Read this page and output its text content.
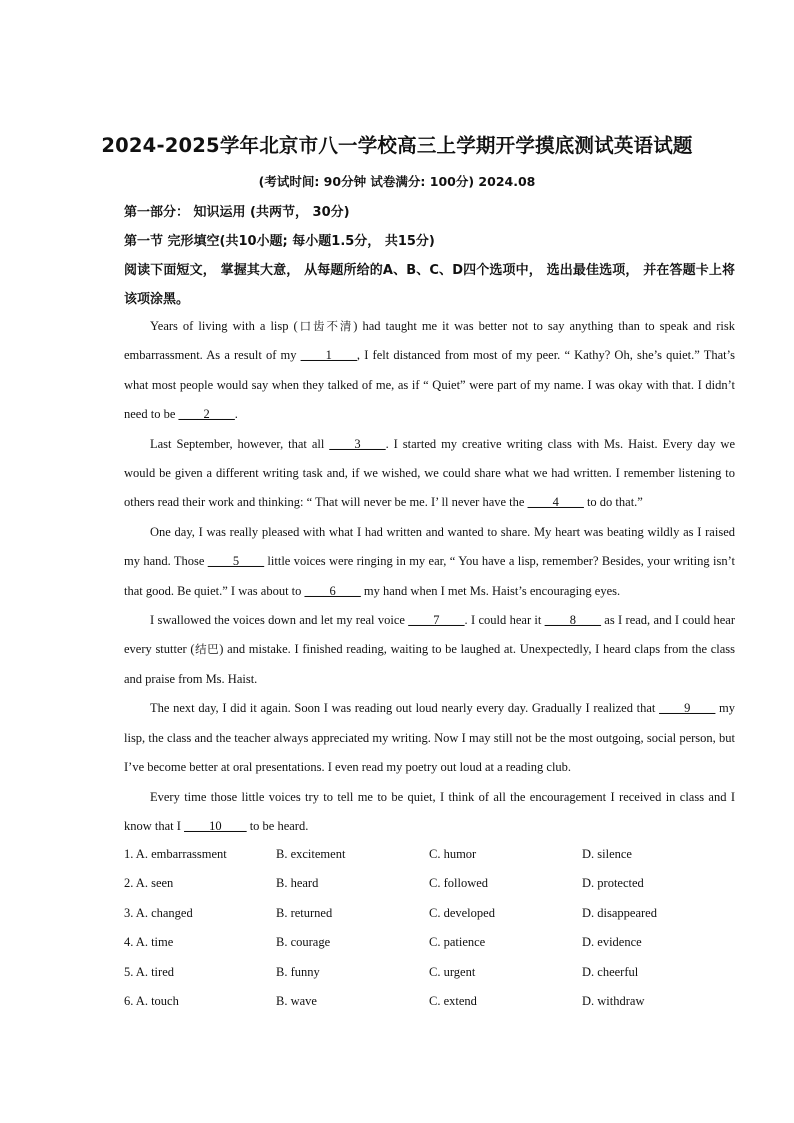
2024-2025学年北京市八一学校高三上学期开学摸底测试英语试题
(考试时间: 90分钟 试卷满分: 100分) 2024.08
第一部分： 知识运用 (共两节， 30分)
第一节 完形填空(共10小题; 每小题1.5分， 共15分)
阅读下面短文， 掌握其大意， 从每题所给的A、B、C、D四个选项中， 选出最佳选项， 并在答题卡上将该项涂黑。

Years of living with a lisp (口齿不清) had taught me it was better not to say anything than to speak and risk embarrassment. As a result of my ____1____, I felt distanced from most of my peer. “ Kathy? Oh, she’s quiet.” That’s what most people would say when they talked of me, as if “ Quiet” were part of my name. I was okay with that. I didn’t need to be ____2____.

Last September, however, that all ____3____. I started my creative writing class with Ms. Haist. Every day we would be given a different writing task and, if we wished, we could share what we had written. I remember listening to others read their work and thinking: “ That will never be me. I’ ll never have the ____4____ to do that.”

One day, I was really pleased with what I had written and wanted to share. My heart was beating wildly as I raised my hand. Those ____5____ little voices were ringing in my ear, “ You have a lisp, remember? Besides, your writing isn’t that good. Be quiet.” I was about to ____6____ my hand when I met Ms. Haist’s encouraging eyes.

I swallowed the voices down and let my real voice ____7____. I could hear it ____8____ as I read, and I could hear every stutter (结巴) and mistake. I finished reading, waiting to be laughed at. Unexpectedly, I heard claps from the class and praise from Ms. Haist.

The next day, I did it again. Soon I was reading out loud nearly every day. Gradually I realized that ____9____ my lisp, the class and the teacher always appreciated my writing. Now I may still not be the most outgoing, social person, but I’ve become better at oral presentations. I even read my poetry out loud at a reading club.

Every time those little voices try to tell me to be quiet, I think of all the encouragement I received in class and I know that I ____10____ to be heard.

1. A. embarrassment	B. excitement	C. humor	D. silence
2. A. seen	B. heard	C. followed	D. protected
3. A. changed	B. returned	C. developed	D. disappeared
4. A. time	B. courage	C. patience	D. evidence
5. A. tired	B. funny	C. urgent	D. cheerful
6. A. touch	B. wave	C. extend	D. withdraw
